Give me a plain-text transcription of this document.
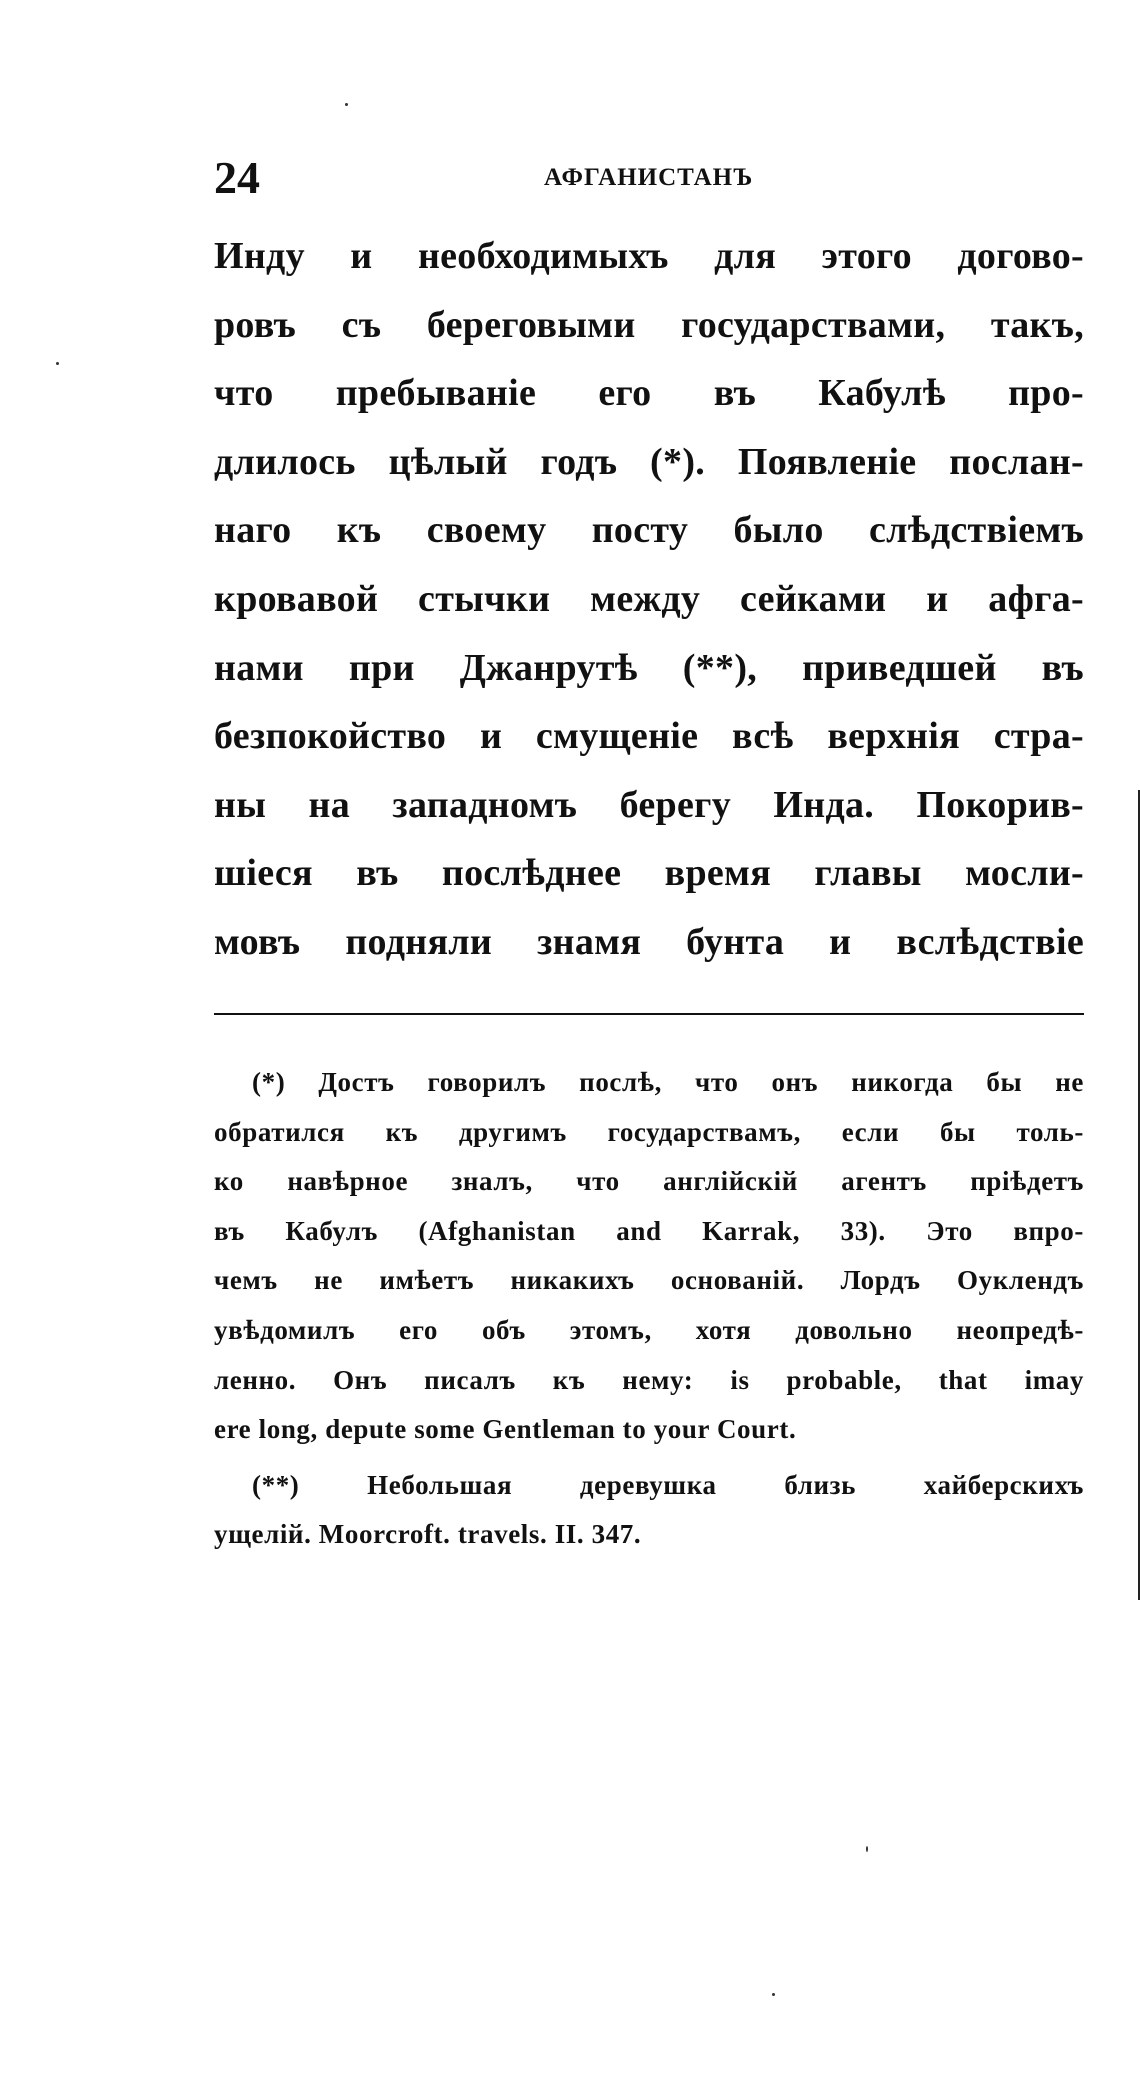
24	АФГАНИСТАНЪ
Инду и необходимыхъ для этого догово-
ровъ съ береговыми государствами, такъ,
что пребываніе его въ Кабулѣ про-
длилось цѣлый годъ (*). Появленіе послан-
наго къ своему посту было слѣдствіемъ
кровавой стычки между сейками и афга-
нами при Джанрутѣ (**), приведшей въ
безпокойство и смущеніе всѣ верхнія стра-
ны на западномъ берегу Инда. Покорив-
шіеся въ послѣднее время главы мосли-
мовъ подняли знамя бунта и вслѣдствіе
(*) Достъ говорилъ послѣ, что онъ никогда бы не
обратился къ другимъ государствамъ, если бы толь-
ко навѣрное зналъ, что англійскій агентъ пріѣдетъ
въ Кабулъ (Afghanistan and Karrak, 33). Это впро-
чемъ не имѣетъ никакихъ основаній. Лордъ Оуклендъ
увѣдомилъ его объ этомъ, хотя довольно неопредѣ-
ленно. Онъ писалъ къ нему: is probable, that imay
ere long, depute some Gentleman to your Court.
(**) Небольшая деревушка близь хайберскихъ
ущелій. Moorcroft. travels. II. 347.
